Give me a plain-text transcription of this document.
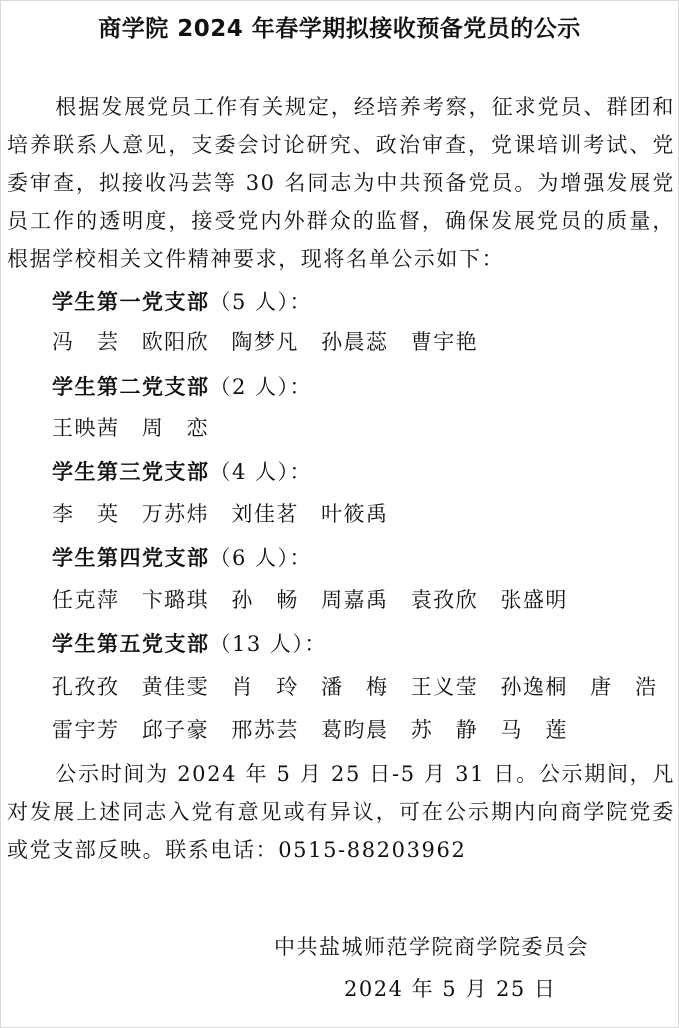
商学院 2024 年春学期拟接收预备党员的公示
根据发展党员工作有关规定，经培养考察，征求党员、群团和培养联系人意见，支委会讨论研究、政治审查，党课培训考试、党委审查，拟接收冯芸等 30 名同志为中共预备党员。为增强发展党员工作的透明度，接受党内外群众的监督，确保发展党员的质量，根据学校相关文件精神要求，现将名单公示如下：
学生第一党支部（5 人）：
冯　芸 欧阳欣 陶梦凡 孙晨蕊 曹宇艳
学生第二党支部（2 人）：
王映茜 周　恋
学生第三党支部（4 人）：
李　英 万苏炜 刘佳茗 叶筱禹
学生第四党支部（6 人）：
任克萍 卞璐琪 孙　畅 周嘉禹 袁孜欣 张盛明
学生第五党支部（13 人）：
孔孜孜 黄佳雯 肖　玲 潘　梅 王义莹 孙逸桐 唐　浩
雷宇芳 邱子豪 邢苏芸 葛昀晨 苏　静 马　莲
公示时间为 2024 年 5 月 25 日-5 月 31 日。公示期间，凡对发展上述同志入党有意见或有异议，可在公示期内向商学院党委或党支部反映。联系电话：0515-88203962
中共盐城师范学院商学院委员会
2024 年 5 月 25 日
